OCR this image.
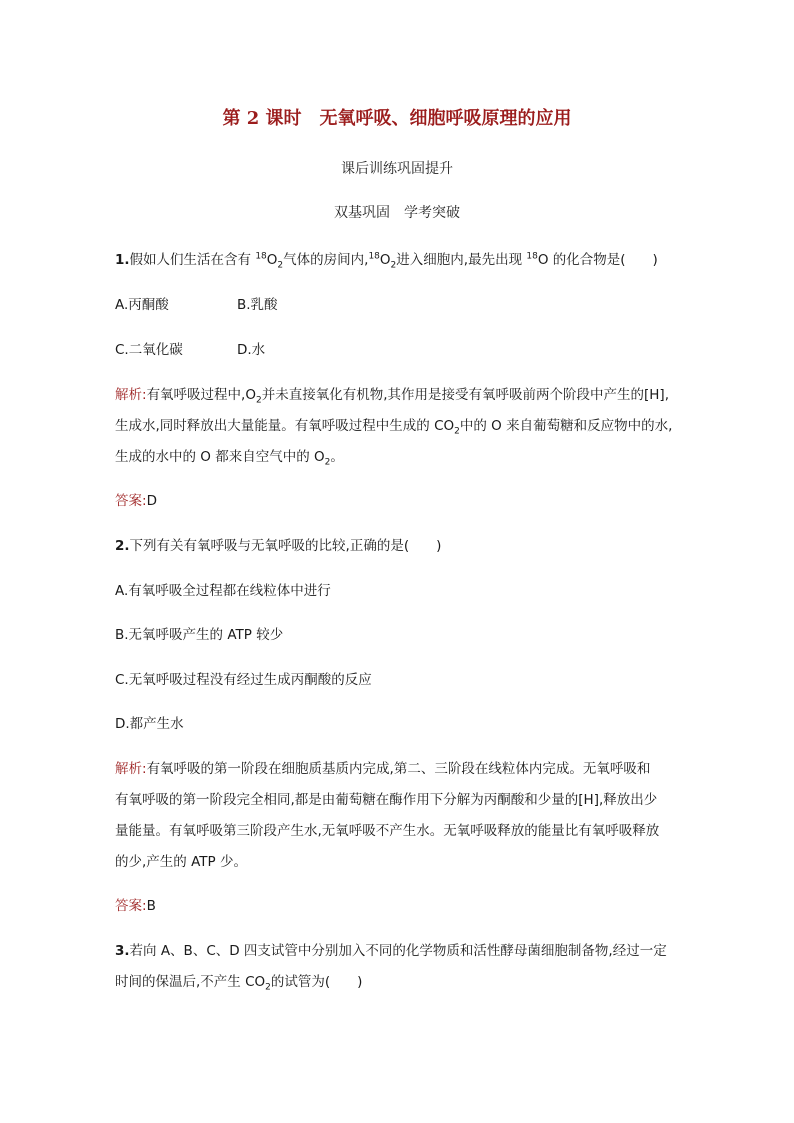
第 2 课时　无氧呼吸、细胞呼吸原理的应用
课后训练巩固提升
双基巩固　学考突破
1.假如人们生活在含有 $^{18}O_2$气体的房间内$,^{18}O_2$进入细胞内,最先出现 $^{18}$O 的化合物是(　　)
A.丙酮酸	B.乳酸
C.二氧化碳	D.水
解析:有氧呼吸过程中$,O_2$并未直接氧化有机物,其作用是接受有氧呼吸前两个阶段中产生的[H],
生成水,同时释放出大量能量。有氧呼吸过程中生成的 $CO_2$中的 O 来自葡萄糖和反应物中的水,
生成的水中的 O 都来自空气中的 $O_2$。
答案:D
2.下列有关有氧呼吸与无氧呼吸的比较,正确的是(　　)
A.有氧呼吸全过程都在线粒体中进行
B.无氧呼吸产生的 ATP 较少
C.无氧呼吸过程没有经过生成丙酮酸的反应
D.都产生水
解析:有氧呼吸的第一阶段在细胞质基质内完成,第二、三阶段在线粒体内完成。无氧呼吸和
有氧呼吸的第一阶段完全相同,都是由葡萄糖在酶作用下分解为丙酮酸和少量的[H],释放出少
量能量。有氧呼吸第三阶段产生水,无氧呼吸不产生水。无氧呼吸释放的能量比有氧呼吸释放
的少,产生的 ATP 少。
答案:B
3.若向 A、B、C、D 四支试管中分别加入不同的化学物质和活性酵母菌细胞制备物,经过一定
时间的保温后,不产生 $CO_2$的试管为(　　)
